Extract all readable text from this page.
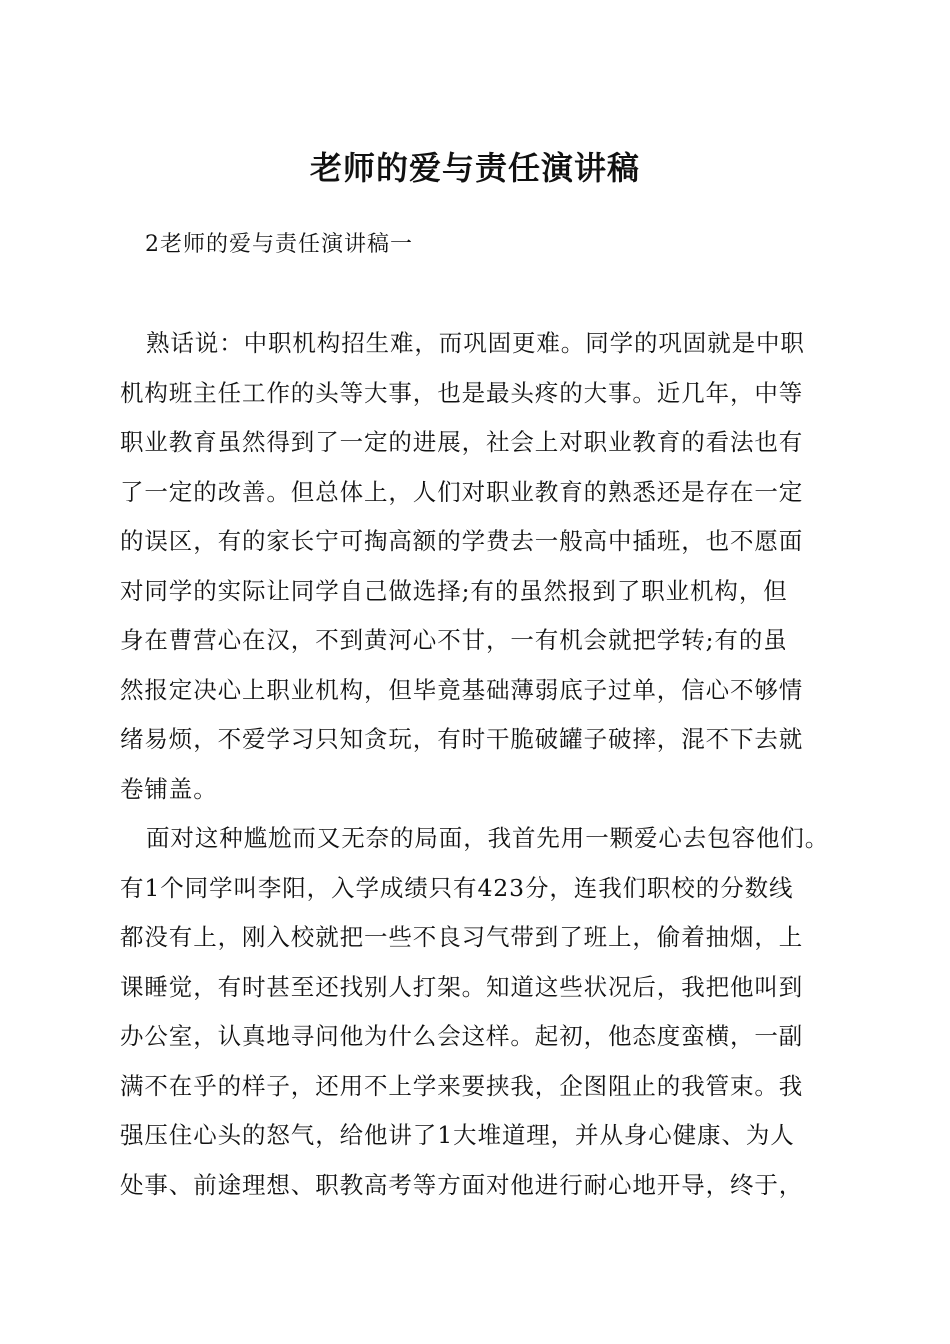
老师的爱与责任演讲稿
2老师的爱与责任演讲稿一
熟话说：中职机构招生难，而巩固更难。同学的巩固就是中职
机构班主任工作的头等大事，也是最头疼的大事。近几年，中等
职业教育虽然得到了一定的进展，社会上对职业教育的看法也有
了一定的改善。但总体上，人们对职业教育的熟悉还是存在一定
的误区，有的家长宁可掏高额的学费去一般高中插班，也不愿面
对同学的实际让同学自己做选择;有的虽然报到了职业机构，但
身在曹营心在汉，不到黄河心不甘，一有机会就把学转;有的虽
然报定决心上职业机构，但毕竟基础薄弱底子过单，信心不够情
绪易烦，不爱学习只知贪玩，有时干脆破罐子破摔，混不下去就
卷铺盖。
面对这种尴尬而又无奈的局面，我首先用一颗爱心去包容他们。
有1个同学叫李阳，入学成绩只有423分，连我们职校的分数线
都没有上，刚入校就把一些不良习气带到了班上，偷着抽烟，上
课睡觉，有时甚至还找别人打架。知道这些状况后，我把他叫到
办公室，认真地寻问他为什么会这样。起初，他态度蛮横，一副
满不在乎的样子，还用不上学来要挟我，企图阻止的我管束。我
强压住心头的怒气，给他讲了1大堆道理，并从身心健康、为人
处事、前途理想、职教高考等方面对他进行耐心地开导，终于，
